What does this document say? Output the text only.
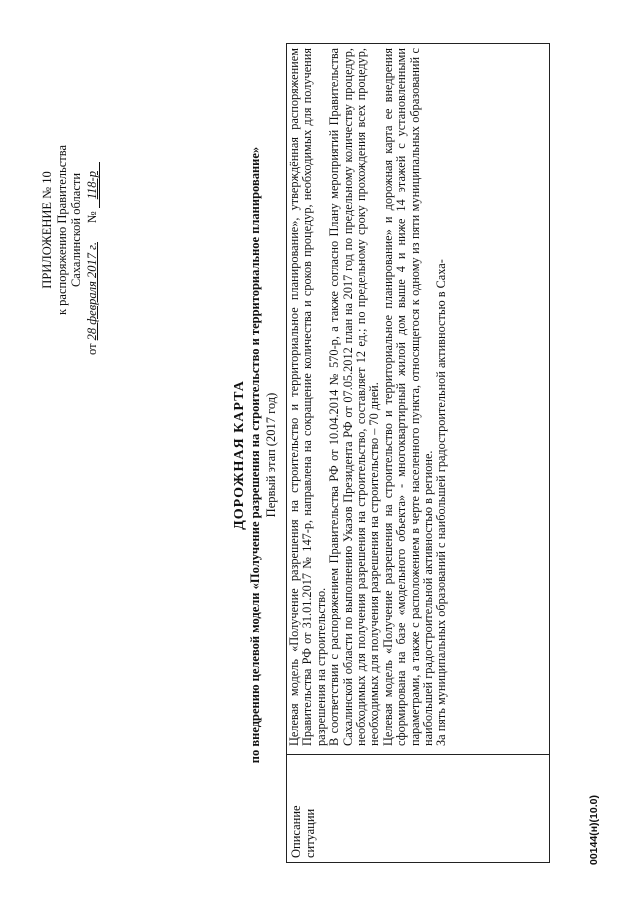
ПРИЛОЖЕНИЕ № 10 к распоряжению Правительства Сахалинской области
от 28 февраля 2017 г.      № 118-р
ДОРОЖНАЯ КАРТА по внедрению целевой модели «Получение разрешения на строительство и территориальное планирование» Первый этап (2017 год)
Описание ситуации

Целевая модель «Получение разрешения на строительство и территориальное планирование», утверждённая распоряжением Правительства РФ от 31.01.2017 № 147-р, направлена на сокращение количества и сроков процедур, необходимых для получения разрешения на строительство. В соответствии с распоряжением Правительства РФ от 10.04.2014 № 570-р, а также согласно Плану мероприятий Правительства Сахалинской области по выполнению Указов Президента РФ от 07.05.2012 план на 2017 год по предельному количеству процедур, необходимых для получения разрешения на строительство, составляет 12 ед.; по предельному сроку прохождения всех процедур, необходимых для получения разрешения на строительство – 70 дней. Целевая модель «Получение разрешения на строительство и территориальное планирование» и дорожная карта ее внедрения сформирована на базе «модельного объекта» - многоквартирный жилой дом выше 4 и ниже 14 этажей с установленными параметрами, а также с расположением в черте населенного пункта, относящегося к одному из пяти муниципальных образований с наибольшей градостроительной активностью в регионе. За пять муниципальных образований с наибольшей градостроительной активностью в Саха-

00144(н)(10.0)
